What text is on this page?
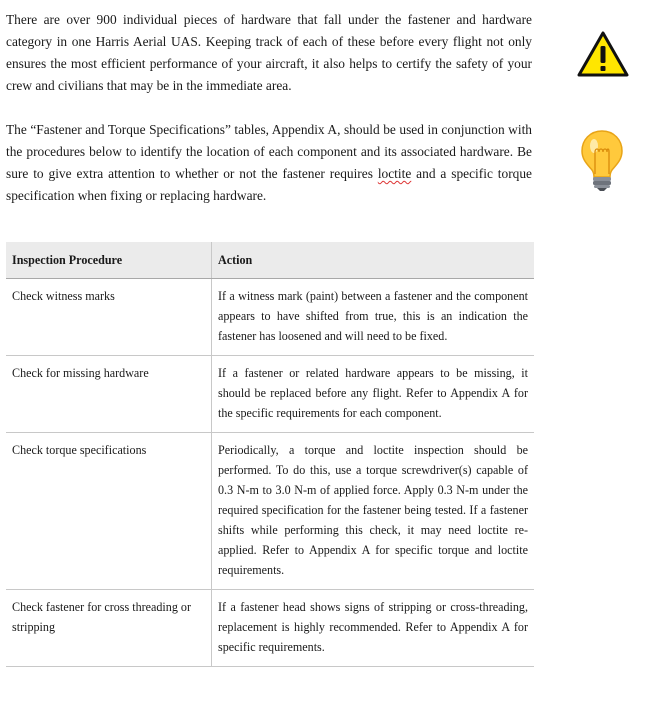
There are over 900 individual pieces of hardware that fall under the fastener and hardware category in one Harris Aerial UAS. Keeping track of each of these before every flight not only ensures the most efficient performance of your aircraft, it also helps to certify the safety of your crew and civilians that may be in the immediate area.

The “Fastener and Torque Specifications” tables, Appendix A, should be used in conjunction with the procedures below to identify the location of each component and its associated hardware. Be sure to give extra attention to whether or not the fastener requires loctite and a specific torque specification when fixing or replacing hardware.

Inspection Procedure	Action
Check witness marks	If a witness mark (paint) between a fastener and the component appears to have shifted from true, this is an indication the fastener has loosened and will need to be fixed.
Check for missing hardware	If a fastener or related hardware appears to be missing, it should be replaced before any flight. Refer to Appendix A for the specific requirements for each component.
Check torque specifications	Periodically, a torque and loctite inspection should be performed. To do this, use a torque screwdriver(s) capable of 0.3 N-m to 3.0 N-m of applied force. Apply 0.3 N-m under the required specification for the fastener being tested. If a fastener shifts while performing this check, it may need loctite re-applied. Refer to Appendix A for specific torque and loctite requirements.
Check fastener for cross threading or stripping	If a fastener head shows signs of stripping or cross-threading, replacement is highly recommended. Refer to Appendix A for specific requirements.
